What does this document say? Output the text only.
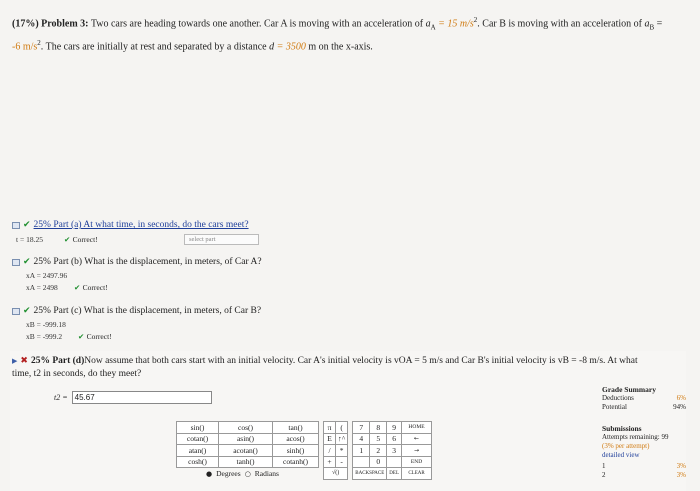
(17%) Problem 3: Two cars are heading towards one another. Car A is moving with an acceleration of $a_A = 15$ $m/s^2$. Car B is moving with an acceleration of $a_B$ =
-6 $m/s^2$. The cars are initially at rest and separated by a distance d = 3500 m on the x-axis.
✔ 25% Part (a) At what time, in seconds, do the cars meet?
t = 18.25	✔ Correct!	select part
✔ 25% Part (b) What is the displacement, in meters, of Car A?
xA = 2497.96
xA = 2498	✔ Correct!
✔ 25% Part (c) What is the displacement, in meters, of Car B?
xB = -999.18
xB = -999.2	✔ Correct!
▶ ✖ 25% Part (d) Now assume that both cars start with an initial velocity. Car A's initial velocity is vOA = 5 m/s and Car B's initial velocity is vB = -8 m/s. At what
time, t2 in seconds, do they meet?
t2 = 45.67
Grade Summary
Deductions	6%
Potential	94%
Submissions
Attempts remaining: 99
(3% per attempt)
detailed view
1	3%
2	3%
sin()	cos()	tan()
cotan()	asin()	acos()
atan()	acotan()	sinh()
cosh()	tanh()	cotanh()
● Degrees ○ Radians
π	(
E	↑^
/	*
+	-
√()	
7	8	9	HOME
4	5	6	←
1	2	3	→
	0		END
BACKSPACE		DEL	CLEAR
